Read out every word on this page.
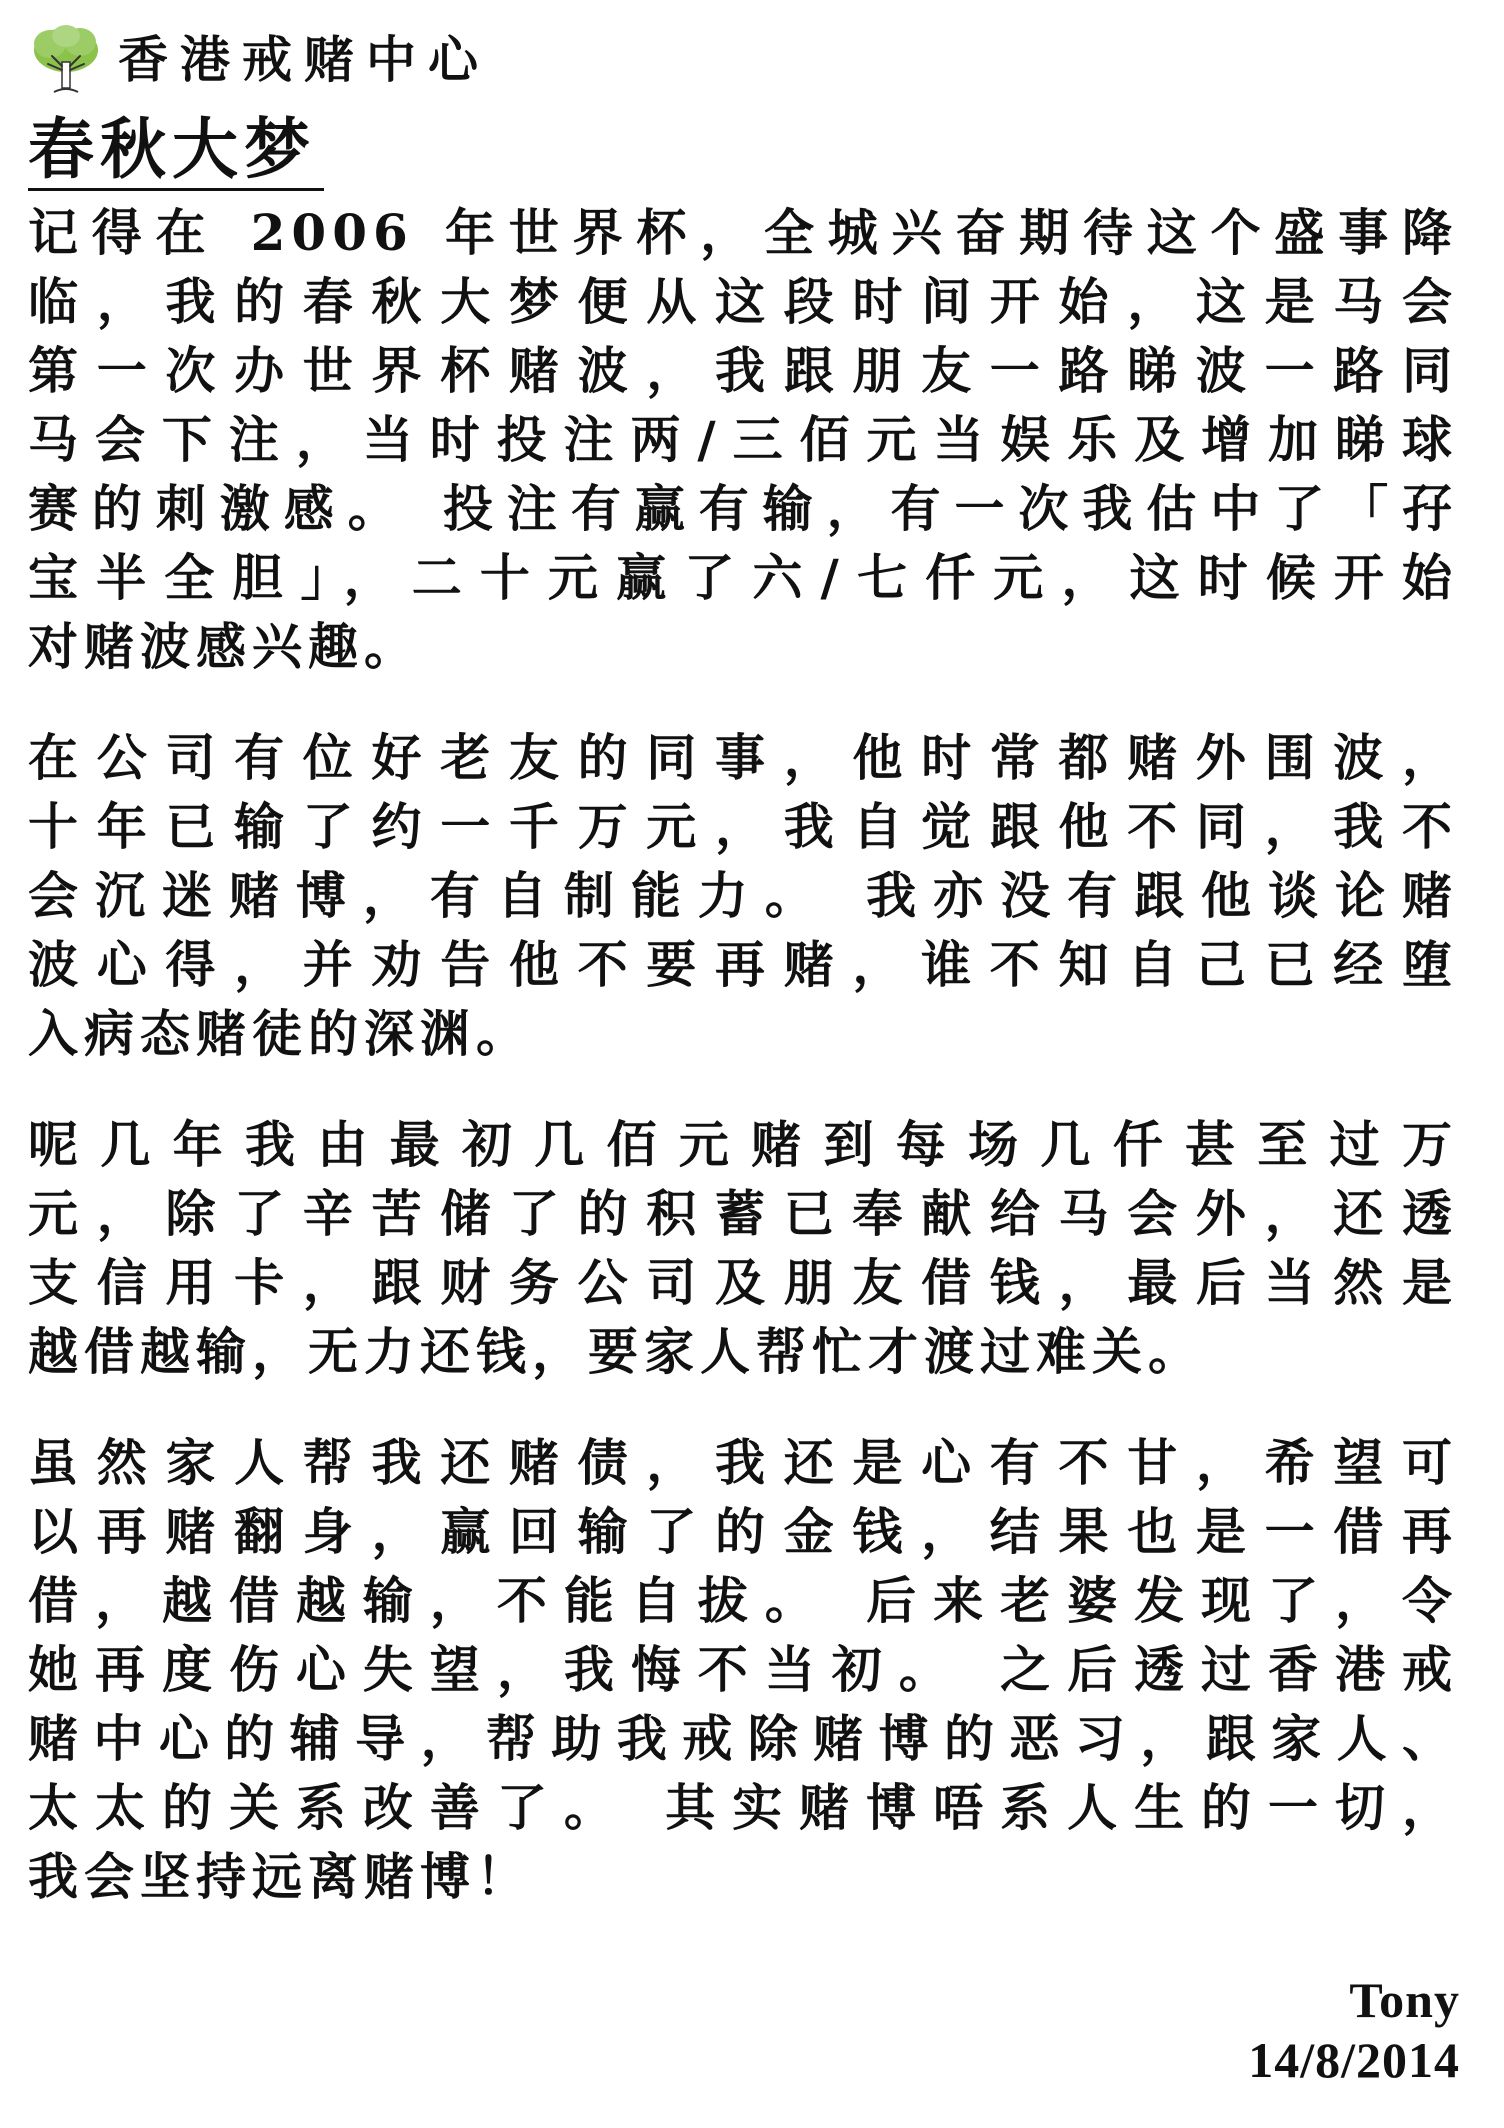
香港戒赌中心
春秋大梦
记得在 2006 年世界杯，全城兴奋期待这个盛事降
临，我的春秋大梦便从这段时间开始，这是马会
第一次办世界杯赌波，我跟朋友一路睇波一路同
马会下注，当时投注两/三佰元当娱乐及增加睇球
赛的刺激感。 投注有赢有输，有一次我估中了「孖
宝半全胆」，二十元赢了六/七仟元，这时候开始
对赌波感兴趣。
在公司有位好老友的同事，他时常都赌外围波，
十年已输了约一千万元，我自觉跟他不同，我不
会沉迷赌博，有自制能力。 我亦没有跟他谈论赌
波心得，并劝告他不要再赌，谁不知自己已经堕
入病态赌徒的深渊。
呢几年我由最初几佰元赌到每场几仟甚至过万
元，除了辛苦储了的积蓄已奉献给马会外，还透
支信用卡，跟财务公司及朋友借钱，最后当然是
越借越输，无力还钱，要家人帮忙才渡过难关。
虽然家人帮我还赌债，我还是心有不甘，希望可
以再赌翻身，赢回输了的金钱，结果也是一借再
借，越借越输，不能自拔。 后来老婆发现了，令
她再度伤心失望，我悔不当初。 之后透过香港戒
赌中心的辅导，帮助我戒除赌博的恶习，跟家人、
太太的关系改善了。 其实赌博唔系人生的一切，
我会坚持远离赌博！
Tony
14/8/2014
